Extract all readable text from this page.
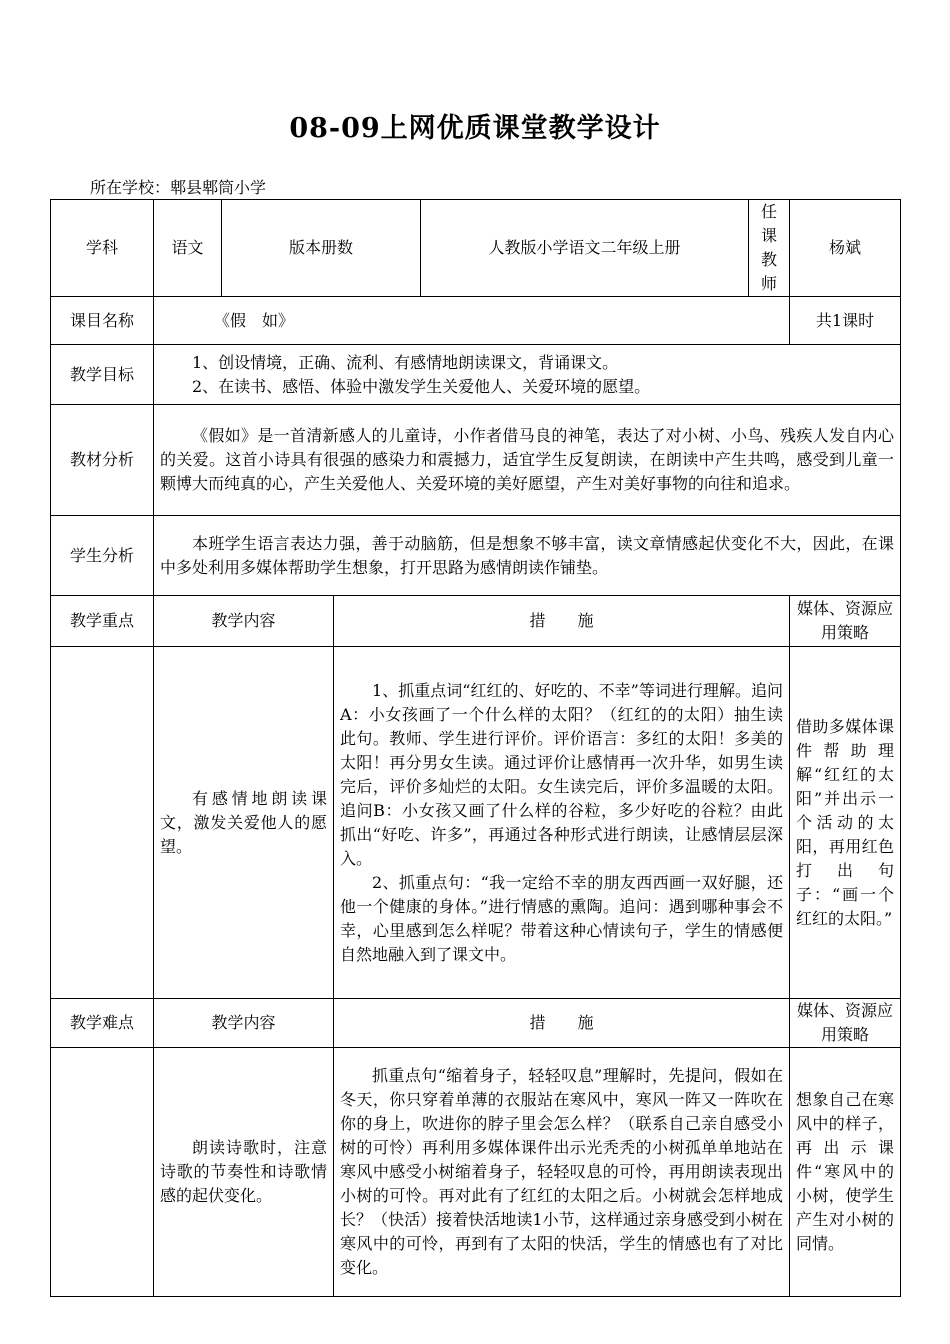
08-09上网优质课堂教学设计
所在学校：郫县郫筒小学
学科	语文	版本册数		人教版小学语文二年级上册	任课教师	杨斌
课目名称	《假　如》					共1课时
教学目标	1、创设情境，正确、流利、有感情地朗读课文，背诵课文。
2、在读书、感悟、体验中激发学生关爱他人、关爱环境的愿望。					

教材分析	《假如》是一首清新感人的儿童诗，小作者借马良的神笔，表达了对小树、小鸟、残疾人发自内心的关爱。这首小诗具有很强的感染力和震撼力，适宜学生反复朗读，在朗读中产生共鸣，感受到儿童一颗博大而纯真的心，产生关爱他人、关爱环境的美好愿望，产生对美好事物的向往和追求。					

学生分析	本班学生语言表达力强，善于动脑筋，但是想象不够丰富，读文章情感起伏变化不大，因此，在课中多处利用多媒体帮助学生想象，打开思路为感情朗读作铺垫。					

教学重点	教学内容		措　　施			媒体、资源应用策略

	有感情地朗读课文，激发关爱他人的愿望。		1、抓重点词“红红的、好吃的、不幸”等词进行理解。追问A：小女孩画了一个什么样的太阳？（红红的的太阳）抽生读此句。教师、学生进行评价。评价语言：多红的太阳！多美的太阳！再分男女生读。通过评价让感情再一次升华，如男生读完后，评价多灿烂的太阳。女生读完后，评价多温暖的太阳。追问B：小女孩又画了什么样的谷粒，多少好吃的谷粒？由此抓出“好吃、许多”，再通过各种形式进行朗读，让感情层层深入。

2、抓重点句：“我一定给不幸的朋友西西画一双好腿，还他一个健康的身体。”进行情感的熏陶。追问：遇到哪种事会不幸，心里感到怎么样呢？带着这种心情读句子，学生的情感便自然地融入到了课文中。			借助多媒体课件帮助理解“红红的太阳”并出示一个活动的太阳，再用红色打出句子：“画一个红红的太阳。”
教学难点	教学内容		措　　施			媒体、资源应用策略

	朗读诗歌时，注意诗歌的节奏性和诗歌情感的起伏变化。		抓重点句“缩着身子，轻轻叹息”理解时，先提问，假如在冬天，你只穿着单薄的衣服站在寒风中，寒风一阵又一阵吹在你的身上，吹进你的脖子里会怎么样？（联系自己亲自感受小树的可怜）再利用多媒体课件出示光秃秃的小树孤单单地站在寒风中感受小树缩着身子，轻轻叹息的可怜，再用朗读表现出小树的可怜。再对此有了红红的太阳之后。小树就会怎样地成长？（快活）接着快活地读1小节，这样通过亲身感受到小树在寒风中的可怜，再到有了太阳的快活，学生的情感也有了对比变化。			想象自己在寒风中的样子，再出示课件“寒风中的小树，使学生产生对小树的同情。
